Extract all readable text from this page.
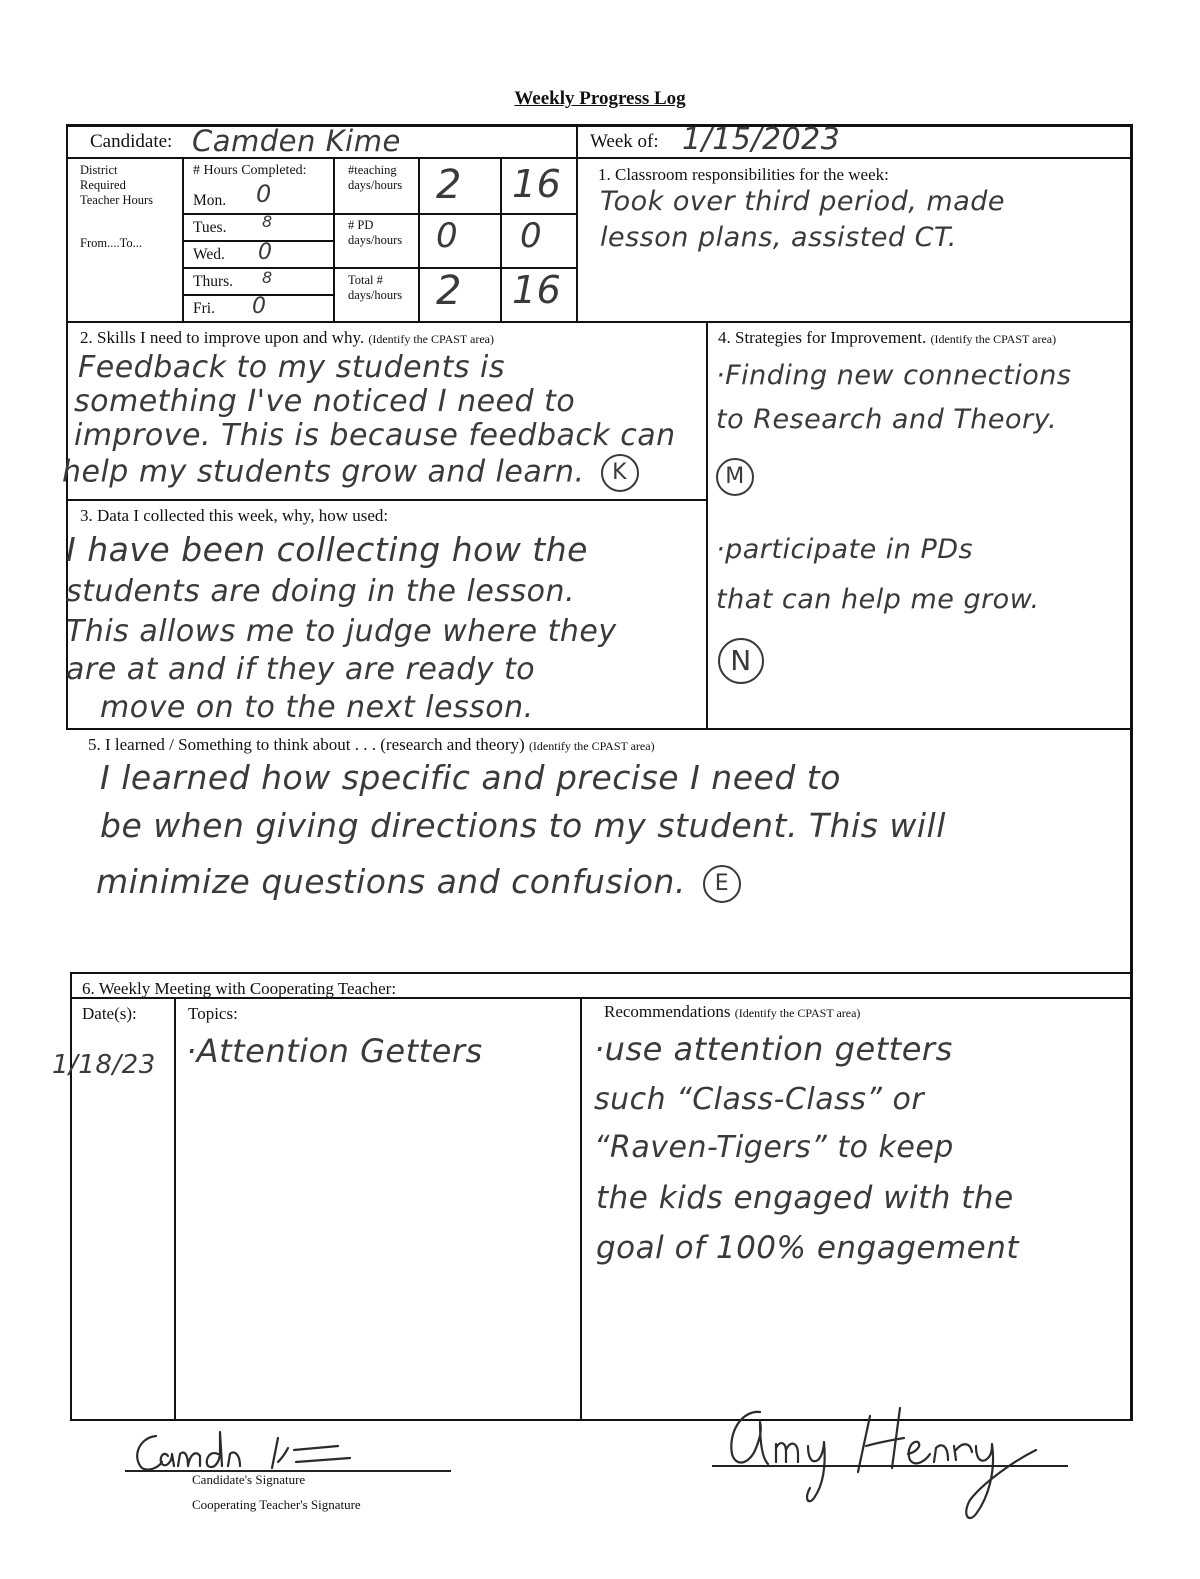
Weekly Progress Log
Candidate: Camden Kime	Week of: 1/15/2023
District
Required
Teacher Hours
From....To...
# Hours Completed:
Mon. 0
Tues. 8
Wed. 0
Thurs. 8
Fri. 0
#teaching
days/hours 2 16
# PD
days/hours 0 0
Total #
days/hours 2 16
1. Classroom responsibilities for the week:
Took over third period, made
lesson plans, assisted CT.
2. Skills I need to improve upon and why. (Identify the CPAST area)
Feedback to my students is
something I've noticed I need to
improve. This is because feedback can
help my students grow and learn. K
3. Data I collected this week, why, how used:
I have been collecting how the
students are doing in the lesson.
This allows me to judge where they
are at and if they are ready to
move on to the next lesson.
4. Strategies for Improvement. (Identify the CPAST area)
·Finding new connections
to Research and Theory.
M
·participate in PDs
that can help me grow.
N
5. I learned / Something to think about . . . (research and theory) (Identify the CPAST area)
I learned how specific and precise I need to
be when giving directions to my student. This will
minimize questions and confusion. E
6. Weekly Meeting with Cooperating Teacher:
Date(s):	Topics:	Recommendations (Identify the CPAST area)
1/18/23 ·Attention Getters	·use attention getters
such “Class-Class” or
“Raven-Tigers” to keep
the kids engaged with the
goal of 100% engagement
Candidate's Signature
Cooperating Teacher's Signature
